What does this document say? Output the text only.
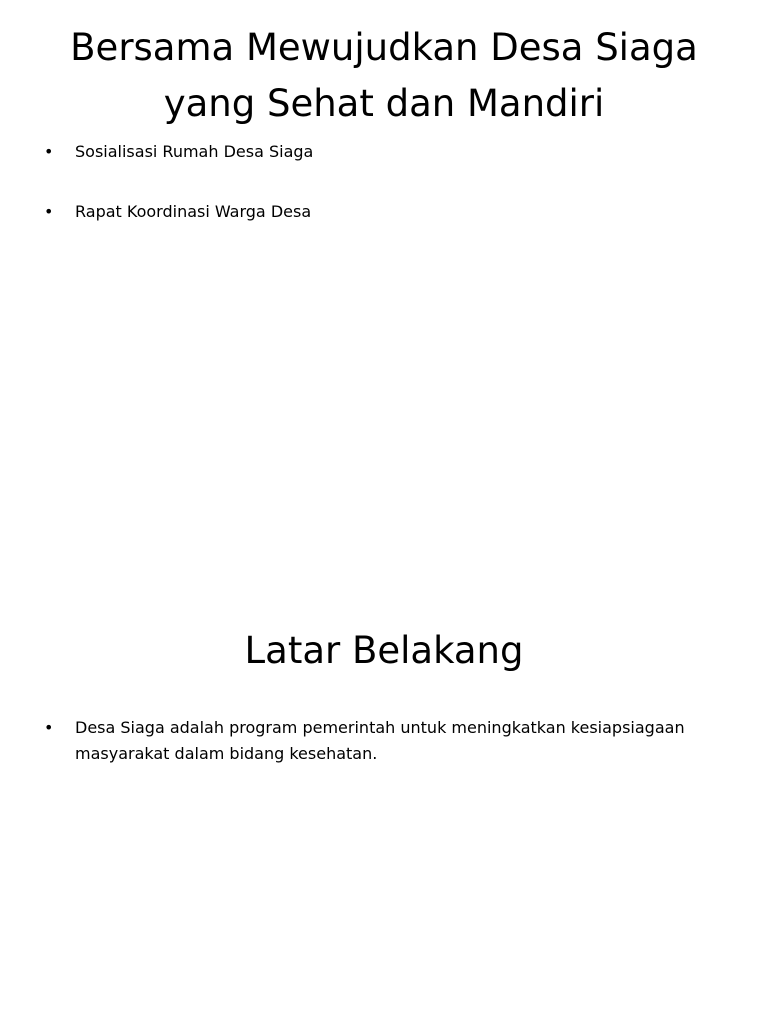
Bersama Mewujudkan Desa Siaga
yang Sehat dan Mandiri
• Sosialisasi Rumah Desa Siaga
• Rapat Koordinasi Warga Desa
Latar Belakang
• Desa Siaga adalah program pemerintah untuk meningkatkan kesiapsiagaan masyarakat dalam bidang kesehatan.
